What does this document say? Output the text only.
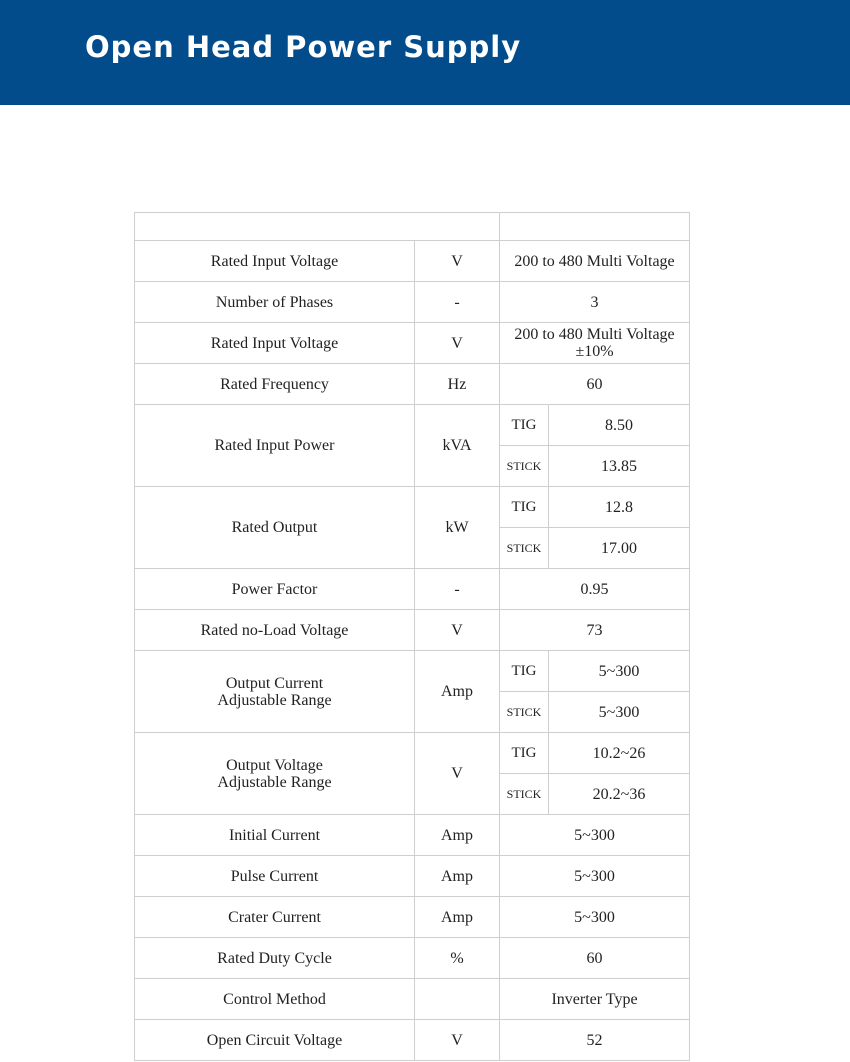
Open Head Power Supply

Rated Input Voltage	V	200 to 480 Multi Voltage	
Number of Phases	-	3	
Rated Input Voltage	V	200 to 480 Multi Voltage
±10%	
Rated Frequency	Hz	60	
Rated Input Power	kVA	TIG	8.50
		STICK	13.85
Rated Output	kW	TIG	12.8
		STICK	17.00
Power Factor	-	0.95	
Rated no-Load Voltage	V	73	
Output Current
Adjustable Range	Amp	TIG	5~300
		STICK	5~300
Output Voltage
Adjustable Range	V	TIG	10.2~26
		STICK	20.2~36
Initial Current	Amp	5~300	
Pulse Current	Amp	5~300	
Crater Current	Amp	5~300	
Rated Duty Cycle	%	60	
Control Method		Inverter Type	
Open Circuit Voltage	V	52	
